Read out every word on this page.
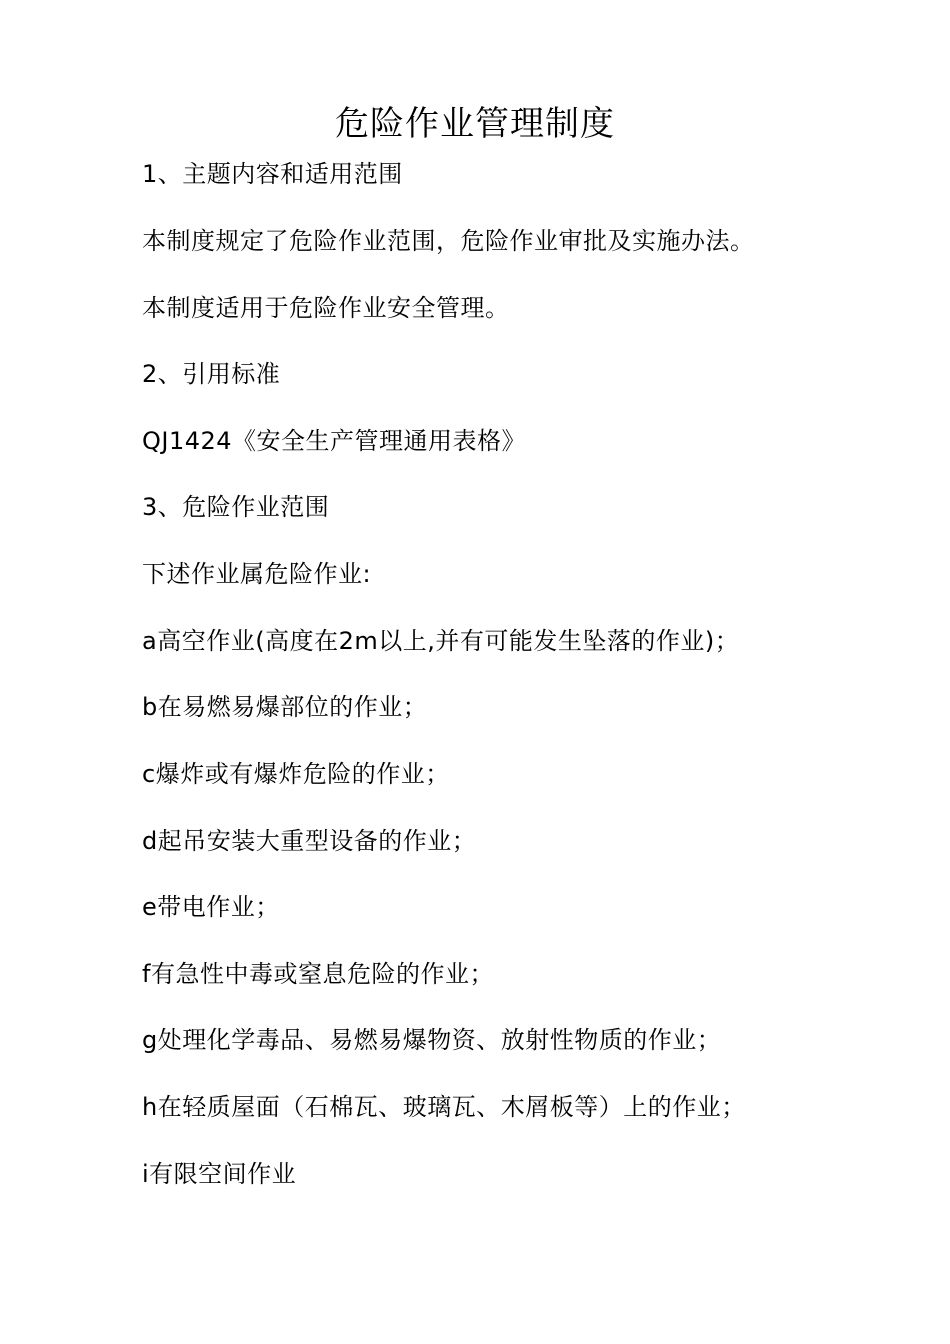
危险作业管理制度

1、主题内容和适用范围

本制度规定了危险作业范围，危险作业审批及实施办法。

本制度适用于危险作业安全管理。

2、引用标准

QJ1424《安全生产管理通用表格》

3、危险作业范围

下述作业属危险作业:

a高空作业(高度在2m以上,并有可能发生坠落的作业)；

b在易燃易爆部位的作业；

c爆炸或有爆炸危险的作业；

d起吊安装大重型设备的作业；

e带电作业；

f有急性中毒或窒息危险的作业；

g处理化学毒品、易燃易爆物资、放射性物质的作业；

h在轻质屋面（石棉瓦、玻璃瓦、木屑板等）上的作业；

i有限空间作业
